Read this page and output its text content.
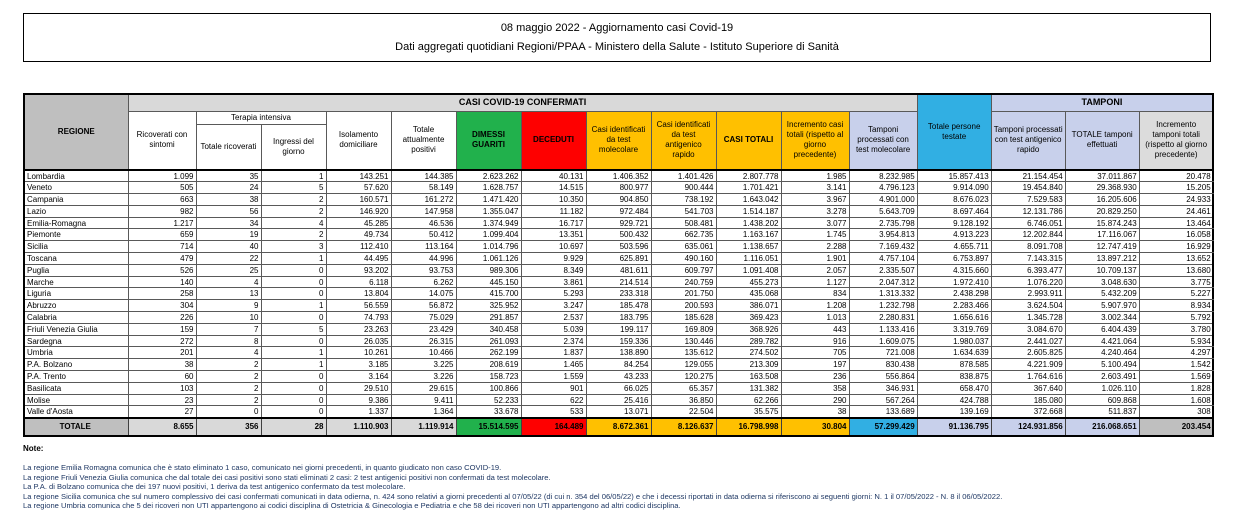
08 maggio 2022 - Aggiornamento casi Covid-19
Dati aggregati quotidiani Regioni/PPAA - Ministero della Salute - Istituto Superiore di Sanità
REGIONE	CASI COVID-19 CONFERMATI												Totale persone testate	TAMPONI		
	Ricoverati con sintomi	Terapia intensiva		Isolamento domiciliare	Totale attualmente positivi	DIMESSI GUARITI	DECEDUTI	Casi identificati da test molecolare	Casi identificati da test antigenico rapido	CASI TOTALI	Incremento casi totali (rispetto al giorno precedente)	Tamponi processati con test molecolare		Tamponi processati con test antigenico rapido	TOTALE tamponi effettuati	Incremento tamponi totali (rispetto al giorno precedente)
		Totale ricoverati	Ingressi del giorno													
Lombardia	1.099	35	1	143.251	144.385	2.623.262	40.131	1.406.352	1.401.426	2.807.778	1.985	8.232.985	15.857.413	21.154.454	37.011.867	20.478
Veneto	505	24	5	57.620	58.149	1.628.757	14.515	800.977	900.444	1.701.421	3.141	4.796.123	9.914.090	19.454.840	29.368.930	15.205
Campania	663	38	2	160.571	161.272	1.471.420	10.350	904.850	738.192	1.643.042	3.967	4.901.000	8.676.023	7.529.583	16.205.606	24.933
Lazio	982	56	2	146.920	147.958	1.355.047	11.182	972.484	541.703	1.514.187	3.278	5.643.709	8.697.464	12.131.786	20.829.250	24.461
Emilia-Romagna	1.217	34	4	45.285	46.536	1.374.949	16.717	929.721	508.481	1.438.202	3.077	2.735.798	9.128.192	6.746.051	15.874.243	13.464
Piemonte	659	19	2	49.734	50.412	1.099.404	13.351	500.432	662.735	1.163.167	1.745	3.954.813	4.913.223	12.202.844	17.116.067	16.058
Sicilia	714	40	3	112.410	113.164	1.014.796	10.697	503.596	635.061	1.138.657	2.288	7.169.432	4.655.711	8.091.708	12.747.419	16.929
Toscana	479	22	1	44.495	44.996	1.061.126	9.929	625.891	490.160	1.116.051	1.901	4.757.104	6.753.897	7.143.315	13.897.212	13.652
Puglia	526	25	0	93.202	93.753	989.306	8.349	481.611	609.797	1.091.408	2.057	2.335.507	4.315.660	6.393.477	10.709.137	13.680
Marche	140	4	0	6.118	6.262	445.150	3.861	214.514	240.759	455.273	1.127	2.047.312	1.972.410	1.076.220	3.048.630	3.775
Liguria	258	13	0	13.804	14.075	415.700	5.293	233.318	201.750	435.068	834	1.313.332	2.438.298	2.993.911	5.432.209	5.227
Abruzzo	304	9	1	56.559	56.872	325.952	3.247	185.478	200.593	386.071	1.208	1.232.798	2.283.466	3.624.504	5.907.970	8.934
Calabria	226	10	0	74.793	75.029	291.857	2.537	183.795	185.628	369.423	1.013	2.280.831	1.656.616	1.345.728	3.002.344	5.792
Friuli Venezia Giulia	159	7	5	23.263	23.429	340.458	5.039	199.117	169.809	368.926	443	1.133.416	3.319.769	3.084.670	6.404.439	3.780
Sardegna	272	8	0	26.035	26.315	261.093	2.374	159.336	130.446	289.782	916	1.609.075	1.980.037	2.441.027	4.421.064	5.934
Umbria	201	4	1	10.261	10.466	262.199	1.837	138.890	135.612	274.502	705	721.008	1.634.639	2.605.825	4.240.464	4.297
P.A. Bolzano	38	2	1	3.185	3.225	208.619	1.465	84.254	129.055	213.309	197	830.438	878.585	4.221.909	5.100.494	1.542
P.A. Trento	60	2	0	3.164	3.226	158.723	1.559	43.233	120.275	163.508	236	556.864	838.875	1.764.616	2.603.491	1.569
Basilicata	103	2	0	29.510	29.615	100.866	901	66.025	65.357	131.382	358	346.931	658.470	367.640	1.026.110	1.828
Molise	23	2	0	9.386	9.411	52.233	622	25.416	36.850	62.266	290	567.264	424.788	185.080	609.868	1.608
Valle d'Aosta	27	0	0	1.337	1.364	33.678	533	13.071	22.504	35.575	38	133.689	139.169	372.668	511.837	308
TOTALE	8.655	356	28	1.110.903	1.119.914	15.514.595	164.489	8.672.361	8.126.637	16.798.998	30.804	57.299.429	91.136.795	124.931.856	216.068.651	203.454
Note:
La regione Emilia Romagna comunica che è stato eliminato 1 caso, comunicato nei giorni precedenti, in quanto giudicato non caso COVID-19.
La regione Friuli Venezia Giulia comunica che dal totale dei casi positivi sono stati eliminati 2 casi: 2 test antigenici positivi non confermati da test molecolare.
La P.A. di Bolzano comunica che dei 197 nuovi positivi, 1 deriva da test antigenico confermato da test molecolare.
La regione Sicilia comunica che sul numero complessivo dei casi confermati comunicati in data odierna, n. 424 sono relativi a giorni precedenti al 07/05/22 (di cui n. 354 del 06/05/22) e che i decessi riportati in data odierna si riferiscono ai seguenti giorni: N. 1 il 07/05/2022 - N. 8 il 06/05/2022.
La regione Umbria comunica che 5 dei ricoveri non UTI appartengono ai codici disciplina di Ostetricia & Ginecologia e Pediatria e che 58 dei ricoveri non UTI appartengono ad altri codici disciplina.
